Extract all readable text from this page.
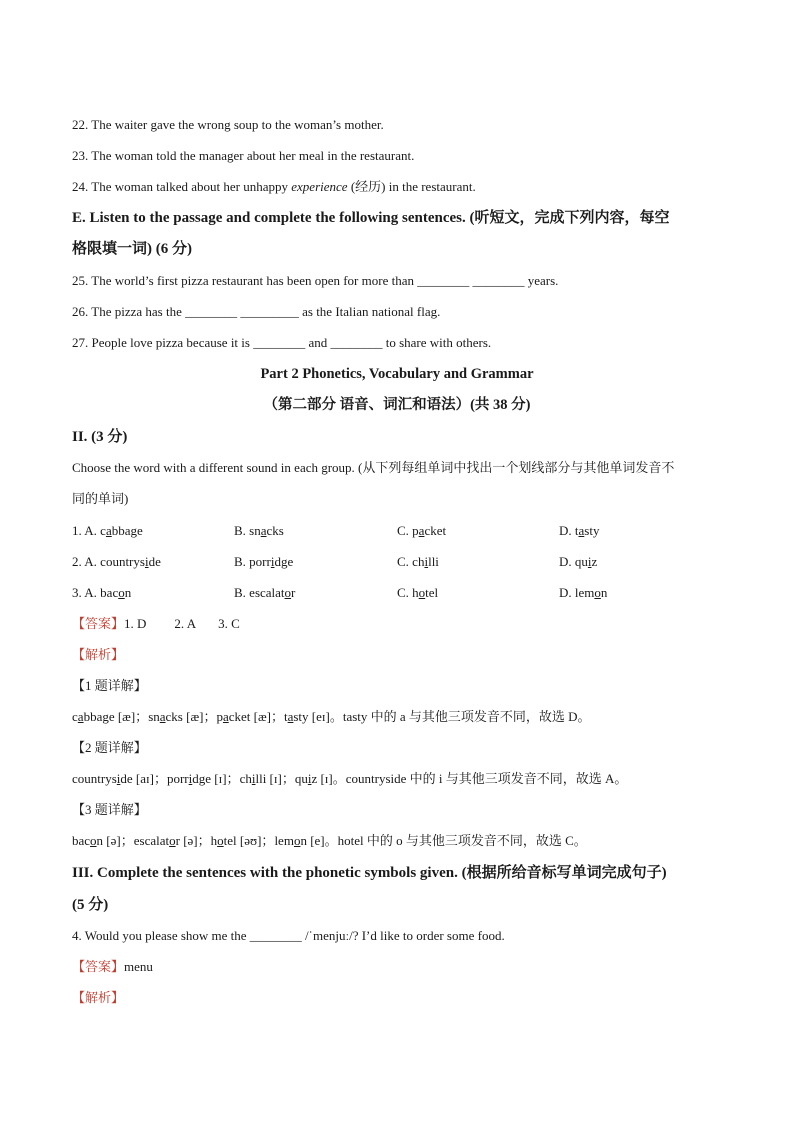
22. The waiter gave the wrong soup to the woman’s mother.
23. The woman told the manager about her meal in the restaurant.
24. The woman talked about her unhappy experience (经历) in the restaurant.
E. Listen to the passage and complete the following sentences. (听短文，完成下列内容，每空
格限填一词) (6 分)
25. The world’s first pizza restaurant has been open for more than ________ ________ years.
26. The pizza has the ________ _________ as the Italian national flag.
27. People love pizza because it is ________ and ________ to share with others.
Part 2 Phonetics, Vocabulary and Grammar
（第二部分 语音、词汇和语法）(共 38 分)
II. (3 分)
Choose the word with a different sound in each group. (从下列每组单词中找出一个划线部分与其他单词发音不
同的单词)
1. A. cabbage	B. snacks	C. packet	D. tasty
2. A. countryside	B. porridge	C. chilli	D. quiz
3. A. bacon	B. escalator	C. hotel	D. lemon
【答案】1. D 2. A 3. C
【解析】
【1 题详解】
cabbage [æ]；snacks [æ]；packet [æ]；tasty [eɪ]。tasty 中的 a 与其他三项发音不同，故选 D。
【2 题详解】
countryside [aɪ]；porridge [ɪ]；chilli [ɪ]；quiz [ɪ]。countryside 中的 i 与其他三项发音不同，故选 A。
【3 题详解】
bacon [ə]；escalator [ə]；hotel [əʊ]；lemon [e]。hotel 中的 o 与其他三项发音不同，故选 C。
III. Complete the sentences with the phonetic symbols given. (根据所给音标写单词完成句子)
(5 分)
4. Would you please show me the ________ /ˈmenjuː/? I’d like to order some food.
【答案】menu
【解析】
